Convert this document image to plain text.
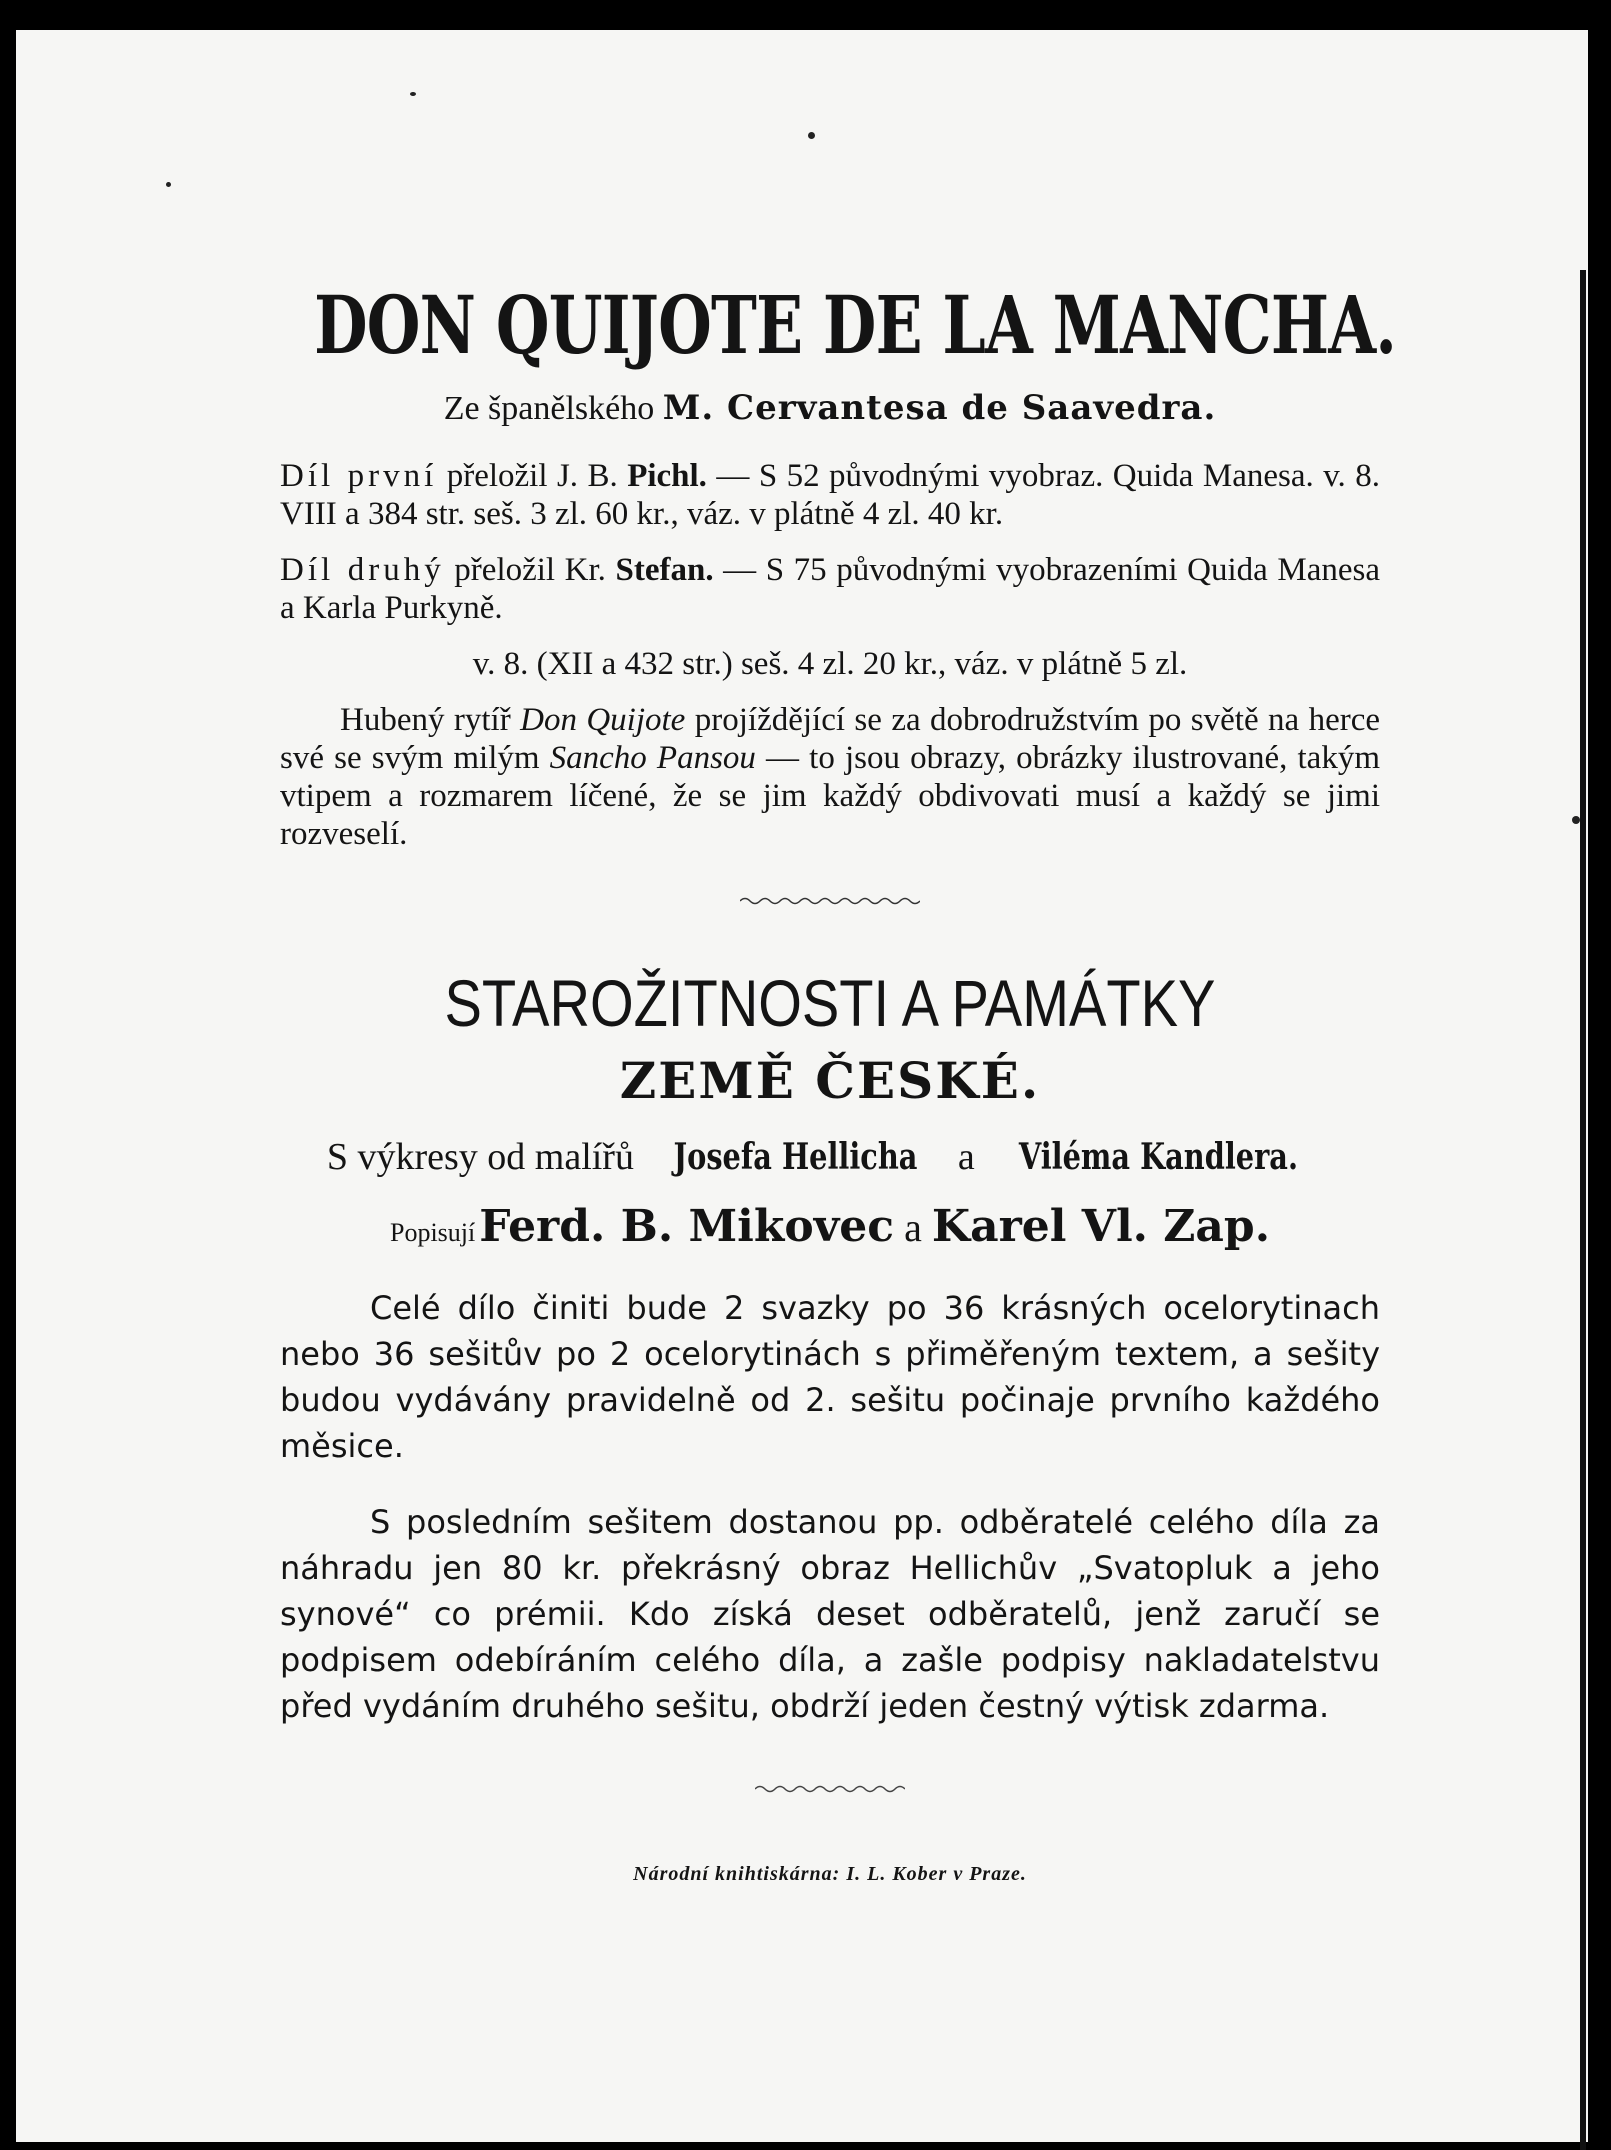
DON QUIJOTE DE LA MANCHA.
Ze španělského M. Cervantesa de Saavedra.
Díl první přeložil J. B. Pichl. — S 52 původnými vyobraz. Quida Manesa. v. 8. VIII a 384 str. seš. 3 zl. 60 kr., váz. v plátně 4 zl. 40 kr.
Díl druhý přeložil Kr. Stefan. — S 75 původnými vyobrazeními Quida Manesa a Karla Purkyně.
v. 8. (XII a 432 str.) seš. 4 zl. 20 kr., váz. v plátně 5 zl.
Hubený rytíř Don Quijote projíždějící se za dobrodružstvím po světě na herce své se svým milým Sancho Pansou — to jsou obrazy, obrázky ilustrované, takým vtipem a rozmarem líčené, že se jim každý obdivovati musí a každý se jimi rozveselí.
STAROŽITNOSTI A PAMÁTKY
ZEMĚ ČESKÉ.
S výkresy od malířů Josefa Hellicha a Viléma Kandlera.
Popisují Ferd. B. Mikovec a Karel Vl. Zap.
Celé dílo činiti bude 2 svazky po 36 krásných ocelorytinach nebo 36 sešitův po 2 ocelorytinách s přiměřeným textem, a sešity budou vydávány pravidelně od 2. sešitu počinaje prvního každého měsice.
S posledním sešitem dostanou pp. odběratelé celého díla za náhradu jen 80 kr. překrásný obraz Hellichův „Svatopluk a jeho synové“ co prémii. Kdo získá deset odběratelů, jenž zaručí se podpisem odebíráním celého díla, a zašle podpisy nakladatelstvu před vydáním druhého sešitu, obdrží jeden čestný výtisk zdarma.
Národní knihtiskárna: I. L. Kober v Praze.
